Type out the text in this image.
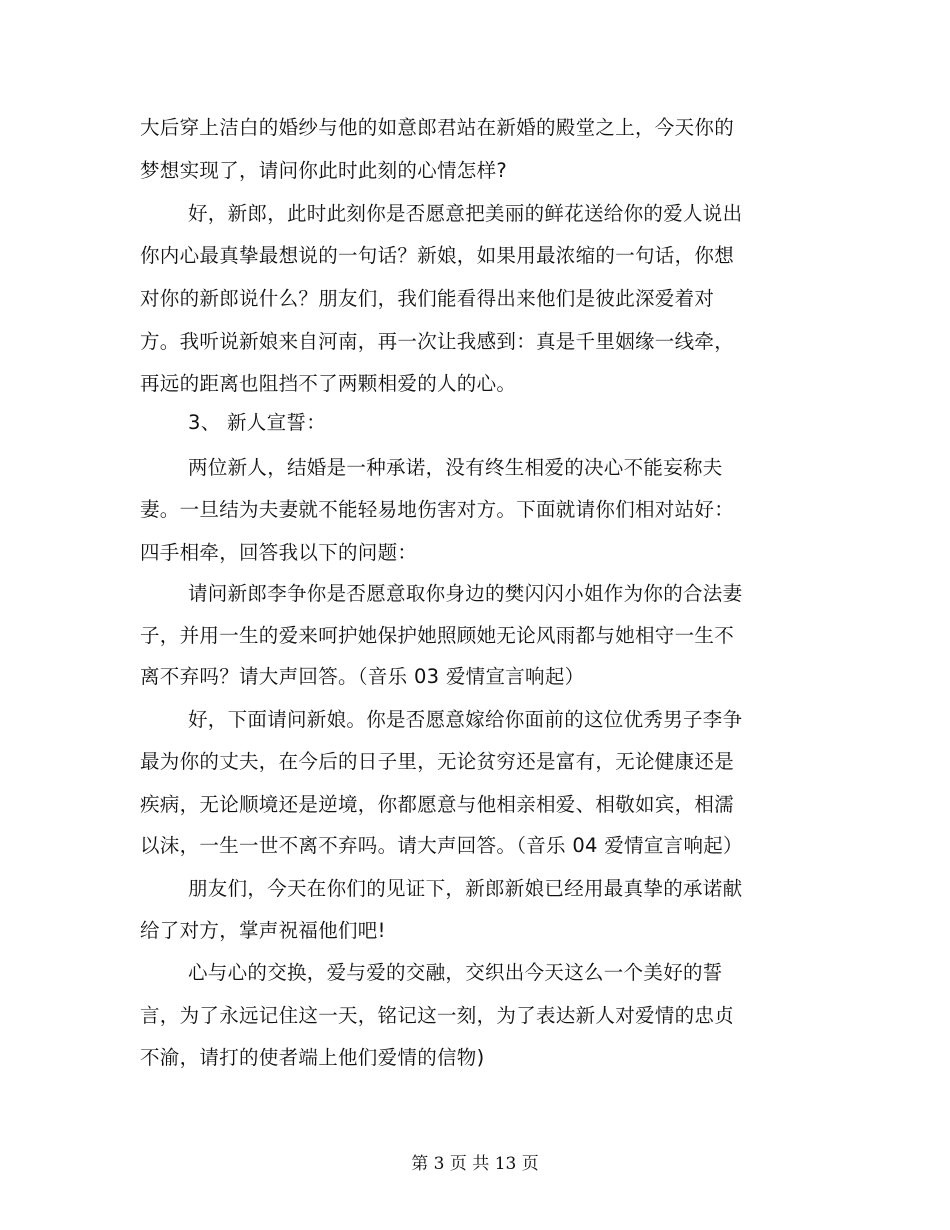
大后穿上洁白的婚纱与他的如意郎君站在新婚的殿堂之上，今天你的
梦想实现了，请问你此时此刻的心情怎样?
好，新郎，此时此刻你是否愿意把美丽的鲜花送给你的爱人说出
你内心最真挚最想说的一句话？新娘，如果用最浓缩的一句话，你想
对你的新郎说什么？朋友们，我们能看得出来他们是彼此深爱着对
方。我听说新娘来自河南，再一次让我感到：真是千里姻缘一线牵，
再远的距离也阻挡不了两颗相爱的人的心。
3、 新人宣誓：
两位新人，结婚是一种承诺，没有终生相爱的决心不能妄称夫
妻。一旦结为夫妻就不能轻易地伤害对方。下面就请你们相对站好：
四手相牵，回答我以下的问题：
请问新郎李争你是否愿意取你身边的樊闪闪小姐作为你的合法妻
子，并用一生的爱来呵护她保护她照顾她无论风雨都与她相守一生不
离不弃吗？请大声回答。（音乐 03 爱情宣言响起）
好，下面请问新娘。你是否愿意嫁给你面前的这位优秀男子李争
最为你的丈夫，在今后的日子里，无论贫穷还是富有，无论健康还是
疾病，无论顺境还是逆境，你都愿意与他相亲相爱、相敬如宾，相濡
以沫，一生一世不离不弃吗。请大声回答。（音乐 04 爱情宣言响起）
朋友们，今天在你们的见证下，新郎新娘已经用最真挚的承诺献
给了对方，掌声祝福他们吧!
心与心的交换，爱与爱的交融，交织出今天这么一个美好的誓
言，为了永远记住这一天，铭记这一刻，为了表达新人对爱情的忠贞
不渝，请打的使者端上他们爱情的信物)
第 3 页 共 13 页
